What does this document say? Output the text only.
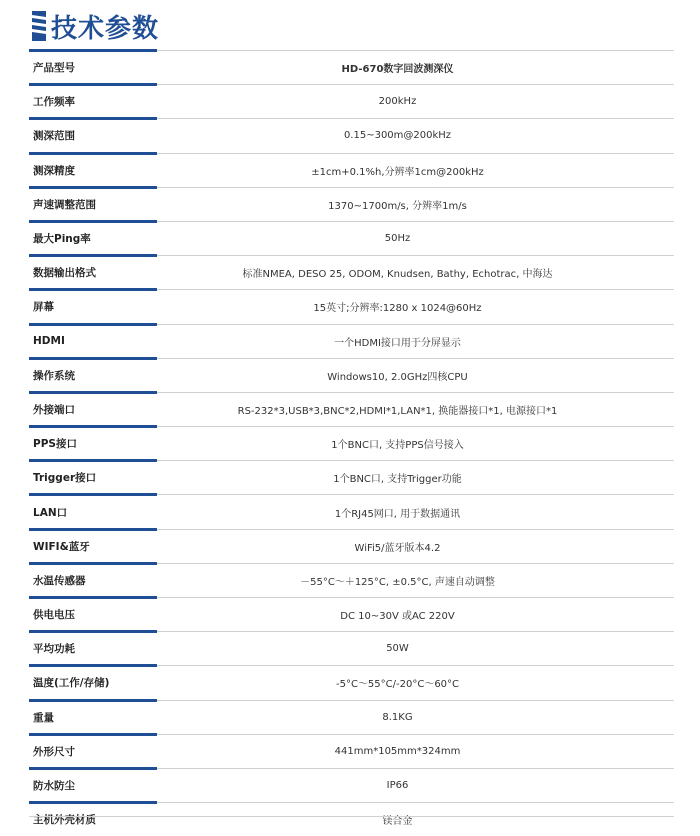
技术参数
产品型号	HD-670数字回波测深仪
工作频率	200kHz
测深范围	0.15~300m@200kHz
测深精度	±1cm+0.1%h,分辨率1cm@200kHz
声速调整范围	1370~1700m/s, 分辨率1m/s
最大Ping率	50Hz
数据输出格式	标准NMEA, DESO 25, ODOM, Knudsen, Bathy, Echotrac, 中海达
屏幕	15英寸;分辨率:1280 x 1024@60Hz
HDMI	一个HDMI接口用于分屏显示
操作系统	Windows10, 2.0GHz四核CPU
外接端口	RS-232*3,USB*3,BNC*2,HDMI*1,LAN*1, 换能器接口*1, 电源接口*1
PPS接口	1个BNC口, 支持PPS信号接入
Trigger接口	1个BNC口, 支持Trigger功能
LAN口	1个RJ45网口, 用于数据通讯
WIFI&蓝牙	WiFi5/蓝牙版本4.2
水温传感器	－55°C～＋125°C, ±0.5°C, 声速自动调整
供电电压	DC 10~30V 或AC 220V
平均功耗	50W
温度(工作/存储)	-5°C～55°C/-20°C～60°C
重量	8.1KG
外形尺寸	441mm*105mm*324mm
防水防尘	IP66
主机外壳材质	镁合金
